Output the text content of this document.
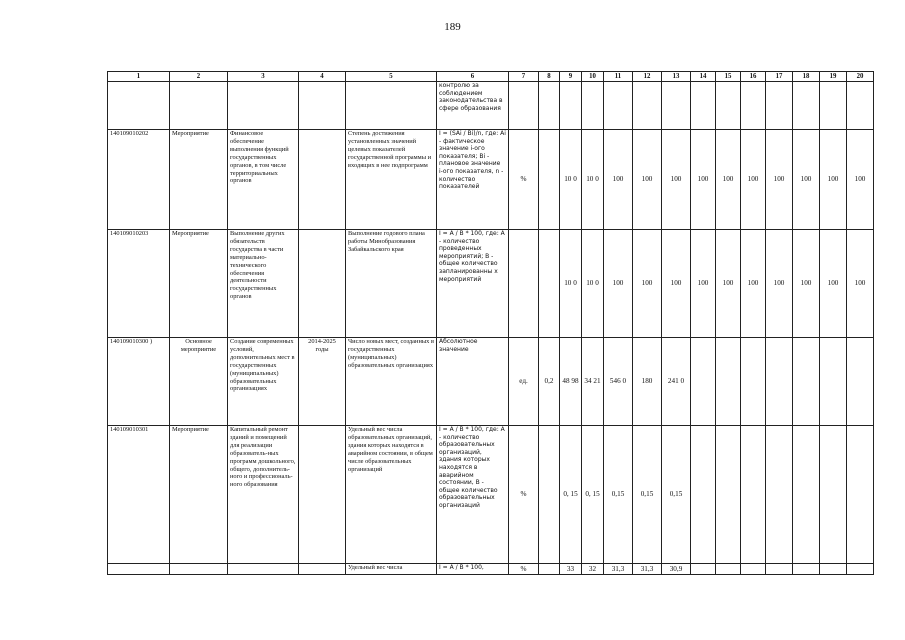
189
1	2	3	4	5	6	7	8	9	10	11	12	13	14	15	16	17	18	19	20
					контролю за соблюдением законодательства в сфере образования														
140109010202	Мероприятие	Финансовое обеспечение выполнения функций государственных органов, в том числе территориальных органов		Степень достижения установленных значений целевых показателей государственной программы и входящих в нее подпрограмм	I = (SAi / Bi)/n, где: Ai - фактическое значение i-ого показателя; Bi - плановое значение i-ого показателя, n - количество показателей	%		10 0	10 0	100	100	100	100	100	100	100	100	100	100
140109010203	Мероприятие	Выполнение других обязательств государства в части материально-технического обеспечения деятельности государственных органов		Выполнение годового плана работы Минобразования Забайкальского края	I = A / B * 100, где: A - количество проведенных мероприятий; B - общее количество запланированны х мероприятий			10 0	10 0	100	100	100	100	100	100	100	100	100	100
140109010300 )	Основное мероприятие	Создание современных условий, дополнительных мест в государственных (муниципальных) образовательных организациях	2014-2025 годы	Число новых мест, созданных в государственных (муниципальных) образовательных организациях	Абсолютное значение	ед.	0,2	48 98	34 21	546 0	180	241 0							
140109010301	Мероприятие	Капитальный ремонт зданий и помещений для реализации образователь-ных программ дошкольного, общего, дополнитель-ного и профессиональ-ного образования		Удельный вес числа образовательных организаций, здания которых находятся в аварийном состоянии, в общем числе образовательных организаций	I = A / B * 100, где: A - количество образовательных организаций, здания которых находятся в аварийном состоянии, B - общее количество образовательных организаций	%		0, 15	0, 15	0,15	0,15	0,15							
				Удельный вес числа	I = A / B * 100,	%		33	32	31,3	31,3	30,9							
